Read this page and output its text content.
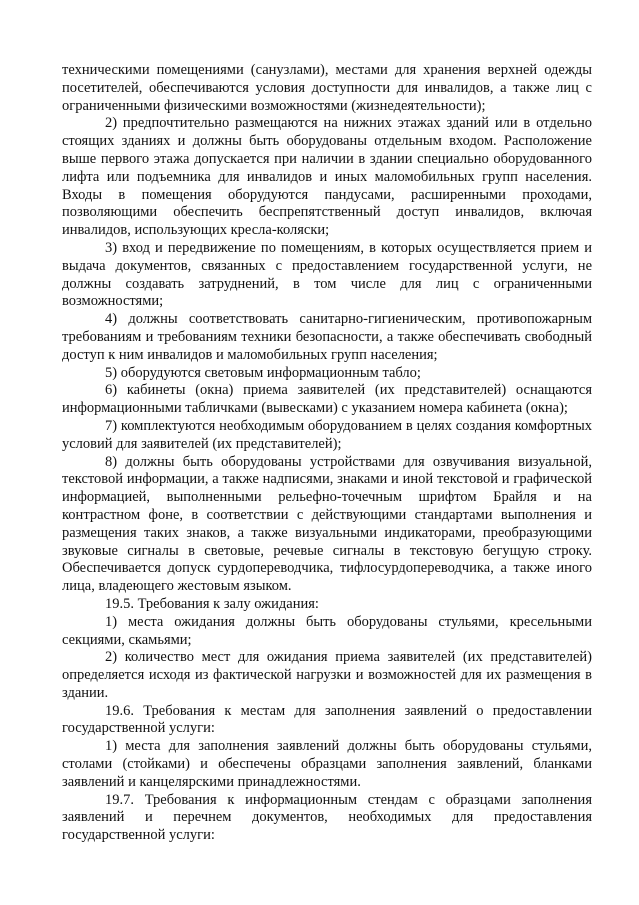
техническими помещениями (санузлами), местами для хранения верхней одежды посетителей, обеспечиваются условия доступности для инвалидов, а также лиц с ограниченными физическими возможностями (жизнедеятельности);

2) предпочтительно размещаются на нижних этажах зданий или в отдельно стоящих зданиях и должны быть оборудованы отдельным входом. Расположение выше первого этажа допускается при наличии в здании специально оборудованного лифта или подъемника для инвалидов и иных маломобильных групп населения. Входы в помещения оборудуются пандусами, расширенными проходами, позволяющими обеспечить беспрепятственный доступ инвалидов, включая инвалидов, использующих кресла-коляски;

3) вход и передвижение по помещениям, в которых осуществляется прием и выдача документов, связанных с предоставлением государственной услуги, не должны создавать затруднений, в том числе для лиц с ограниченными возможностями;

4) должны соответствовать санитарно-гигиеническим, противопожарным требованиям и требованиям техники безопасности, а также обеспечивать свободный доступ к ним инвалидов и маломобильных групп населения;

5) оборудуются световым информационным табло;

6) кабинеты (окна) приема заявителей (их представителей) оснащаются информационными табличками (вывесками) с указанием номера кабинета (окна);

7) комплектуются необходимым оборудованием в целях создания комфортных условий для заявителей (их представителей);

8) должны быть оборудованы устройствами для озвучивания визуальной, текстовой информации, а также надписями, знаками и иной текстовой и графической информацией, выполненными рельефно-точечным шрифтом Брайля и на контрастном фоне, в соответствии с действующими стандартами выполнения и размещения таких знаков, а также визуальными индикаторами, преобразующими звуковые сигналы в световые, речевые сигналы в текстовую бегущую строку. Обеспечивается допуск сурдопереводчика, тифлосурдопереводчика, а также иного лица, владеющего жестовым языком.

19.5. Требования к залу ожидания:

1) места ожидания должны быть оборудованы стульями, кресельными секциями, скамьями;

2) количество мест для ожидания приема заявителей (их представителей) определяется исходя из фактической нагрузки и возможностей для их размещения в здании.

19.6. Требования к местам для заполнения заявлений о предоставлении государственной услуги:

1) места для заполнения заявлений должны быть оборудованы стульями, столами (стойками) и обеспечены образцами заполнения заявлений, бланками заявлений и канцелярскими принадлежностями.

19.7. Требования к информационным стендам с образцами заполнения заявлений и перечнем документов, необходимых для предоставления государственной услуги:
